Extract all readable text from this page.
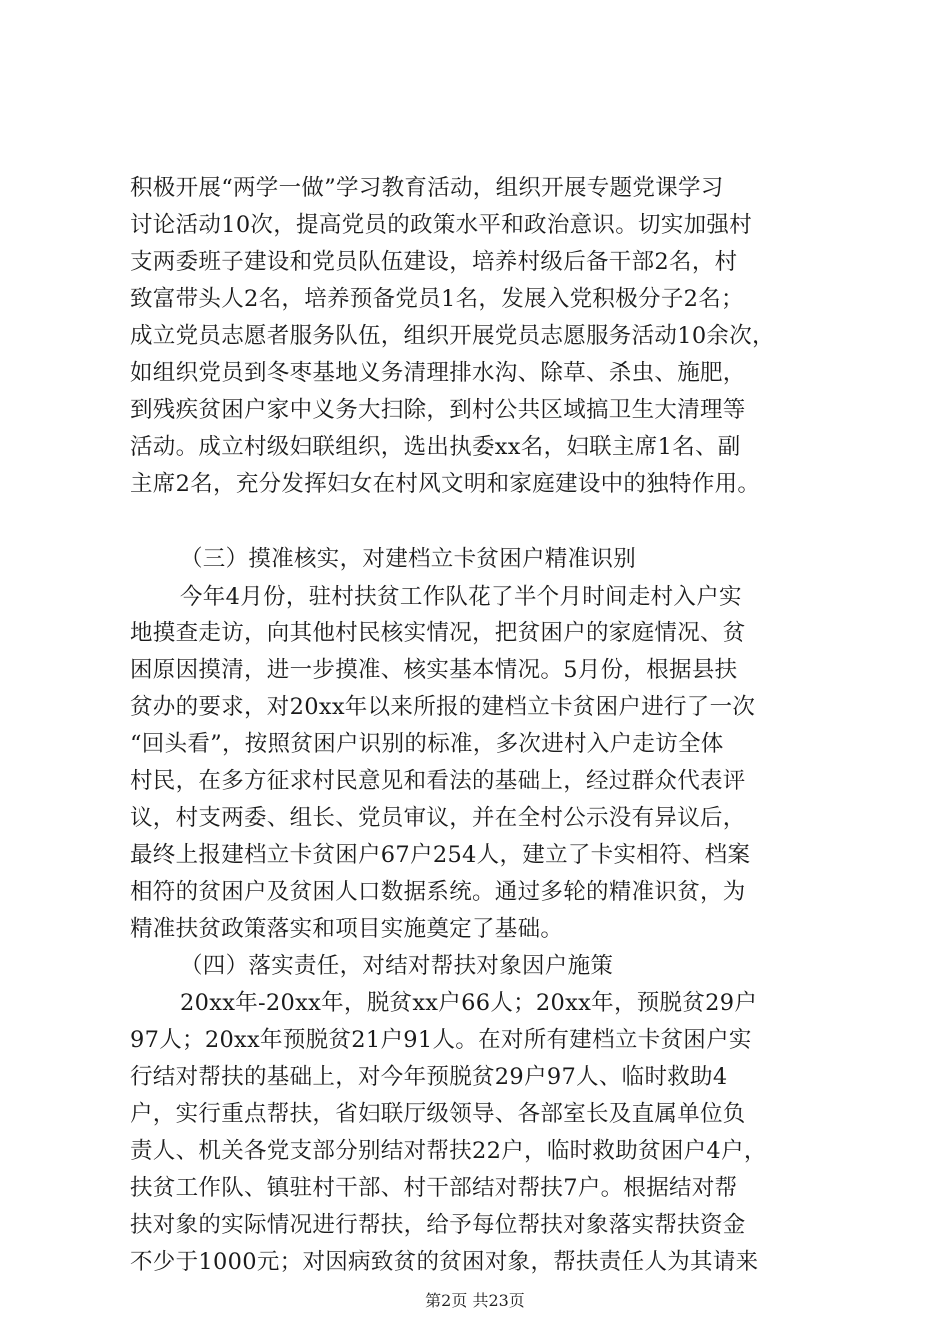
积极开展“两学一做”学习教育活动，组织开展专题党课学习
讨论活动10次，提高党员的政策水平和政治意识。切实加强村
支两委班子建设和党员队伍建设，培养村级后备干部2名，村
致富带头人2名，培养预备党员1名，发展入党积极分子2名；
成立党员志愿者服务队伍，组织开展党员志愿服务活动10余次，
如组织党员到冬枣基地义务清理排水沟、除草、杀虫、施肥，
到残疾贫困户家中义务大扫除，到村公共区域搞卫生大清理等
活动。成立村级妇联组织，选出执委xx名，妇联主席1名、副
主席2名，充分发挥妇女在村风文明和家庭建设中的独特作用。
（三）摸准核实，对建档立卡贫困户精准识别
今年4月份，驻村扶贫工作队花了半个月时间走村入户实
地摸查走访，向其他村民核实情况，把贫困户的家庭情况、贫
困原因摸清，进一步摸准、核实基本情况。5月份，根据县扶
贫办的要求，对20xx年以来所报的建档立卡贫困户进行了一次
“回头看”，按照贫困户识别的标准，多次进村入户走访全体
村民，在多方征求村民意见和看法的基础上，经过群众代表评
议，村支两委、组长、党员审议，并在全村公示没有异议后，
最终上报建档立卡贫困户67户254人，建立了卡实相符、档案
相符的贫困户及贫困人口数据系统。通过多轮的精准识贫，为
精准扶贫政策落实和项目实施奠定了基础。
（四）落实责任，对结对帮扶对象因户施策
20xx年-20xx年，脱贫xx户66人；20xx年，预脱贫29户
97人；20xx年预脱贫21户91人。在对所有建档立卡贫困户实
行结对帮扶的基础上，对今年预脱贫29户97人、临时救助4
户，实行重点帮扶，省妇联厅级领导、各部室长及直属单位负
责人、机关各党支部分别结对帮扶22户，临时救助贫困户4户，
扶贫工作队、镇驻村干部、村干部结对帮扶7户。根据结对帮
扶对象的实际情况进行帮扶，给予每位帮扶对象落实帮扶资金
不少于1000元；对因病致贫的贫困对象，帮扶责任人为其请来
第2页 共23页
